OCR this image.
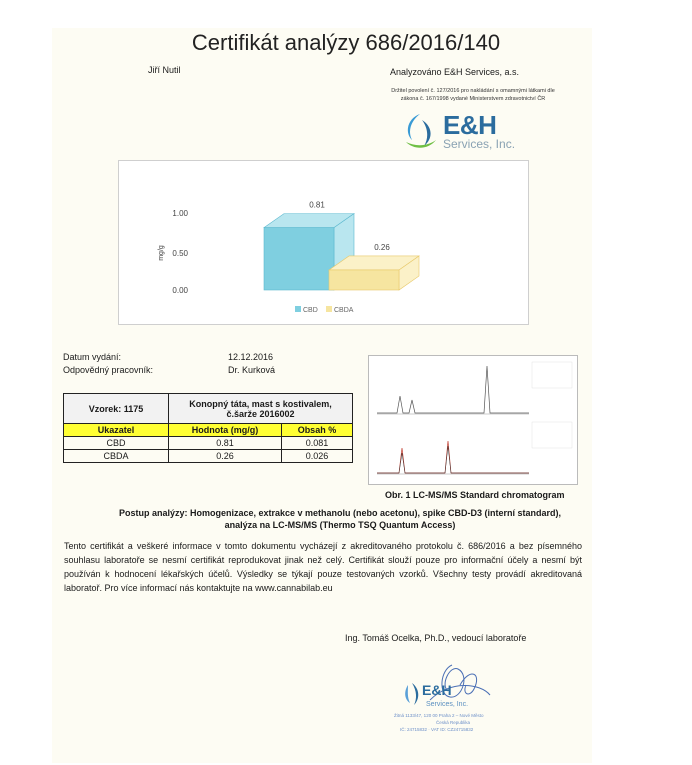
Certifikát analýzy 686/2016/140
Jiří Nutil	Analyzováno E&H Services, a.s.
Držitel povolení č. 127/2016 pro nakládání s omamnými látkami dle
zákona č. 167/1998 vydané Ministerstvem zdravotnictví ČR
E&H
Services, Inc.
1.00
0.50
0.00
mg/g
0.81
0.26
CBD CBDA
Datum vydání:	12.12.2016
Odpovědný pracovník:	Dr. Kurková
Vzorek: 1175	Konopný táta, mast s kostivalem,
č.šarže 2016002	

Ukazatel	Hodnota (mg/g)	Obsah %
CBD	0.81	0.081
CBDA	0.26	0.026
Obr. 1 LC-MS/MS Standard chromatogram
Postup analýzy: Homogenizace, extrakce v methanolu (nebo acetonu), spike CBD-D3 (interní standard),
analýza na LC-MS/MS (Thermo TSQ Quantum Access)
Tento certifikát a veškeré informace v tomto dokumentu vycházejí z akreditovaného protokolu č. 686/2016 a bez písemného souhlasu laboratoře se nesmí certifikát reprodukovat jinak než celý. Certifikát slouží pouze pro informační účely a nesmí být používán k hodnocení lékařských účelů. Výsledky se týkají pouze testovaných vzorků. Všechny testy provádí akreditovaná laboratoř. Pro více informací nás kontaktujte na www.cannabilab.eu
Ing. Tomáš Ocelka, Ph.D., vedoucí laboratoře
E&H
Services, Inc.
Žitná 1133/47, 120 00 Praha 2 – Nové Město
Česká Republika
IČ: 24715832 · VAT ID: CZ24715832
